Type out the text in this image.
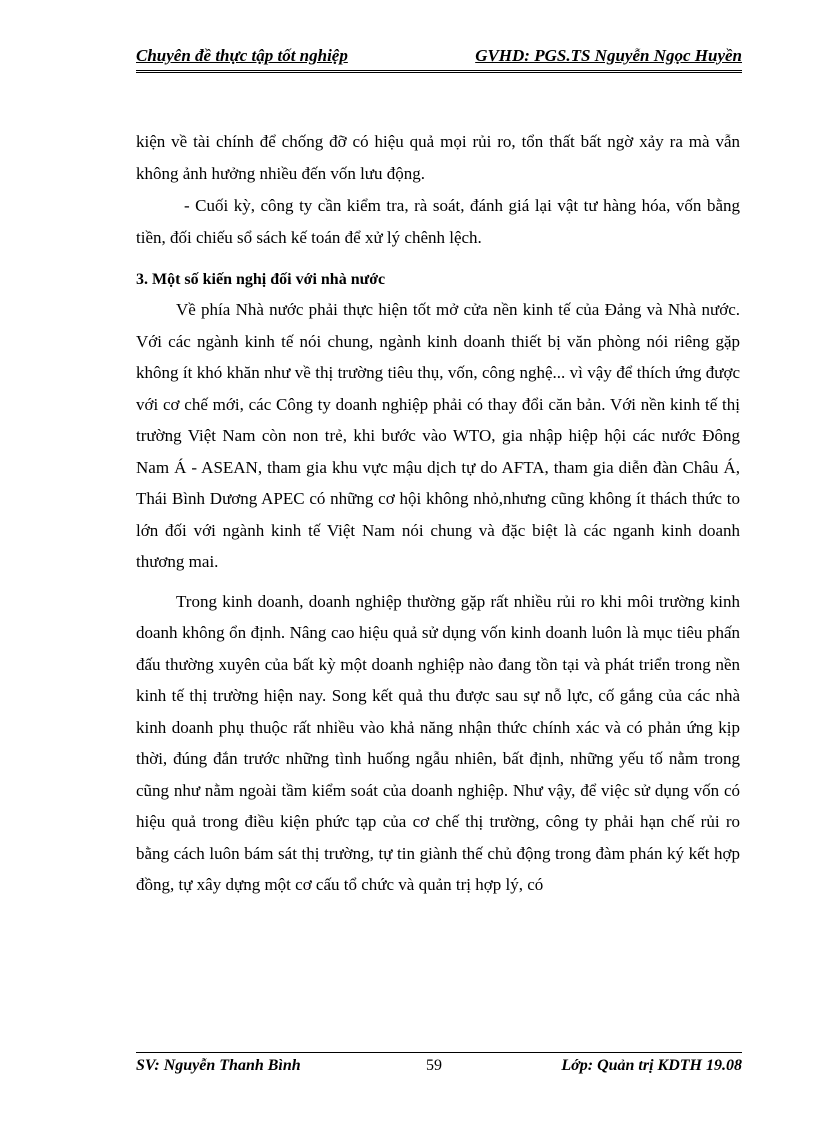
Chuyên đề thực tập tốt nghiệp	GVHD: PGS.TS Nguyễn Ngọc Huyền

kiện về tài chính để chống đỡ có hiệu quả mọi rủi ro, tổn thất bất ngờ xảy ra mà vẫn không ảnh hưởng nhiều đến vốn lưu động.

- Cuối kỳ, công ty cần kiểm tra, rà soát, đánh giá lại vật tư hàng hóa, vốn bằng tiền, đối chiếu sổ sách kế toán để xử lý chênh lệch.

3. Một số kiến nghị đối với nhà nước

Về phía Nhà nước phải thực hiện tốt mở cửa nền kinh tế của Đảng và Nhà nước. Với các ngành kinh tế nói chung, ngành kinh doanh thiết bị văn phòng nói riêng gặp không ít khó khăn như về thị trường tiêu thụ, vốn, công nghệ... vì vậy để thích ứng được với cơ chế mới, các Công ty doanh nghiệp phải có thay đổi căn bản. Với nền kinh tế thị trường Việt Nam còn non trẻ, khi bước vào WTO, gia nhập hiệp hội các nước Đông Nam Á - ASEAN, tham gia khu vực mậu dịch tự do AFTA, tham gia diễn đàn Châu Á, Thái Bình Dương APEC có những cơ hội không nhỏ,nhưng cũng không ít thách thức to lớn đối với ngành kinh tế Việt Nam nói chung và đặc biệt là các nganh kinh doanh thương mai.

Trong kinh doanh, doanh nghiệp thường gặp rất nhiều rủi ro khi môi trường kinh doanh không ổn định. Nâng cao hiệu quả sử dụng vốn kinh doanh luôn là mục tiêu phấn đấu thường xuyên của bất kỳ một doanh nghiệp nào đang tồn tại và phát triển trong nền kinh tế thị trường hiện nay. Song kết quả thu được sau sự nỗ lực, cố gắng của các nhà kinh doanh phụ thuộc rất nhiều vào khả năng nhận thức chính xác và có phản ứng kịp thời, đúng đắn trước những tình huống ngẫu nhiên, bất định, những yếu tố nằm trong cũng như nằm ngoài tầm kiểm soát của doanh nghiệp. Như vậy, để việc sử dụng vốn có hiệu quả trong điều kiện phức tạp của cơ chế thị trường, công ty phải hạn chế rủi ro bằng cách luôn bám sát thị trường, tự tin giành thế chủ động trong đàm phán ký kết hợp đồng, tự xây dựng một cơ cấu tổ chức và quản trị hợp lý, có

SV: Nguyễn Thanh Bình	59	Lớp: Quản trị KDTH 19.08
